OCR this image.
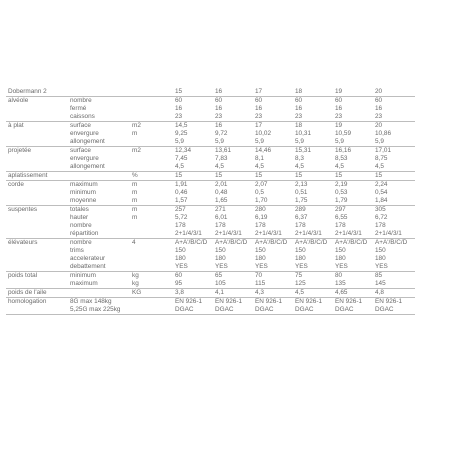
Dobermann 2				15	16	17	18	19	20
alvéole	nombre			60	60	60	60	60	60
	fermé			16	16	16	16	16	16
	caissons			23	23	23	23	23	23
à plat	surface	m2		14,5	16	17	18	19	20
	envergure	m		9,25	9,72	10,02	10,31	10,59	10,86
	allongement			5,9	5,9	5,9	5,9	5,9	5,9
projetée	surface	m2		12,34	13,61	14,46	15,31	16,16	17,01
	envergure			7,45	7,83	8,1	8,3	8,53	8,75
	allongement			4,5	4,5	4,5	4,5	4,5	4,5
aplatissement		%		15	15	15	15	15	15
corde	maximum	m		1,91	2,01	2,07	2,13	2,19	2,24
	minimum	m		0,46	0,48	0,5	0,51	0,53	0,54
	moyenne	m		1,57	1,65	1,70	1,75	1,79	1,84
suspentes	totales	m		257	271	280	289	297	305
	hauter	m		5,72	6,01	6,19	6,37	6,55	6,72
	nombre			178	178	178	178	178	178
	répartition			2+1/4/3/1	2+1/4/3/1	2+1/4/3/1	2+1/4/3/1	2+1/4/3/1	2+1/4/3/1
élévateurs	nombre	4		A+A'/B/C/D	A+A'/B/C/D	A+A'/B/C/D	A+A'/B/C/D	A+A'/B/C/D	A+A'/B/C/D
	trims			150	150	150	150	150	150
	accelerateur			180	180	180	180	180	180
	debattement			YES	YES	YES	YES	YES	YES
poids total	minimum	kg		60	65	70	75	80	85
	maximum	kg		95	105	115	125	135	145
poids de l'aile		KG		3,8	4,1	4,3	4,5	4,65	4,8
homologation	8G max 148kg			EN 926-1	EN 926-1	EN 926-1	EN 926-1	EN 926-1	EN 926-1
	5,25G max 225kg			DGAC	DGAC	DGAC	DGAC	DGAC	DGAC
